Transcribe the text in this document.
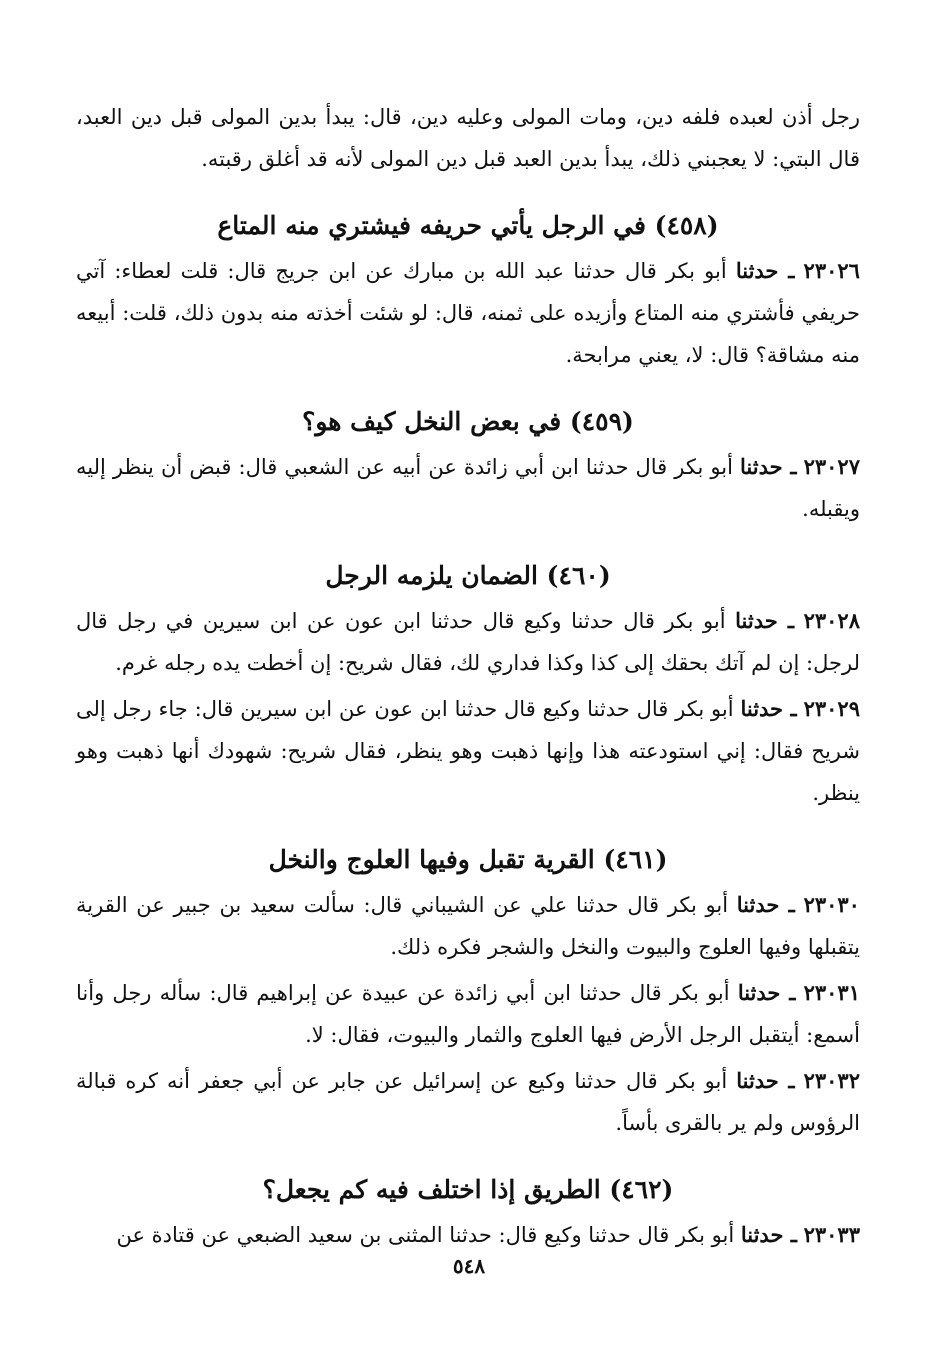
رجل أذن لعبده فلفه دين، ومات المولى وعليه دين، قال: يبدأ بدين المولى قبل دين العبد، قال البتي: لا يعجبني ذلك، يبدأ بدين العبد قبل دين المولى لأنه قد أغلق رقبته.

(٤٥٨) في الرجل يأتي حريفه فيشتري منه المتاع

٢٣٠٢٦ ـ حدثنا أبو بكر قال حدثنا عبد الله بن مبارك عن ابن جريج قال: قلت لعطاء: آتي حريفي فأشتري منه المتاع وأزيده على ثمنه، قال: لو شئت أخذته منه بدون ذلك، قلت: أبيعه منه مشاقة؟ قال: لا، يعني مرابحة.

(٤٥٩) في بعض النخل كيف هو؟

٢٣٠٢٧ ـ حدثنا أبو بكر قال حدثنا ابن أبي زائدة عن أبيه عن الشعبي قال: قبض أن ينظر إليه ويقبله.

(٤٦٠) الضمان يلزمه الرجل

٢٣٠٢٨ ـ حدثنا أبو بكر قال حدثنا وكيع قال حدثنا ابن عون عن ابن سيرين في رجل قال لرجل: إن لم آتك بحقك إلى كذا وكذا فداري لك، فقال شريح: إن أخطت يده رجله غرم.

٢٣٠٢٩ ـ حدثنا أبو بكر قال حدثنا وكيع قال حدثنا ابن عون عن ابن سيرين قال: جاء رجل إلى شريح فقال: إني استودعته هذا وإنها ذهبت وهو ينظر، فقال شريح: شهودك أنها ذهبت وهو ينظر.

(٤٦١) القرية تقبل وفيها العلوج والنخل

٢٣٠٣٠ ـ حدثنا أبو بكر قال حدثنا علي عن الشيباني قال: سألت سعيد بن جبير عن القرية يتقبلها وفيها العلوج والبيوت والنخل والشجر فكره ذلك.

٢٣٠٣١ ـ حدثنا أبو بكر قال حدثنا ابن أبي زائدة عن عبيدة عن إبراهيم قال: سأله رجل وأنا أسمع: أيتقبل الرجل الأرض فيها العلوج والثمار والبيوت، فقال: لا.

٢٣٠٣٢ ـ حدثنا أبو بكر قال حدثنا وكيع عن إسرائيل عن جابر عن أبي جعفر أنه كره قبالة الرؤوس ولم ير بالقرى بأساً.

(٤٦٢) الطريق إذا اختلف فيه كم يجعل؟

٢٣٠٣٣ ـ حدثنا أبو بكر قال حدثنا وكيع قال: حدثنا المثنى بن سعيد الضبعي عن قتادة عن

٥٤٨
